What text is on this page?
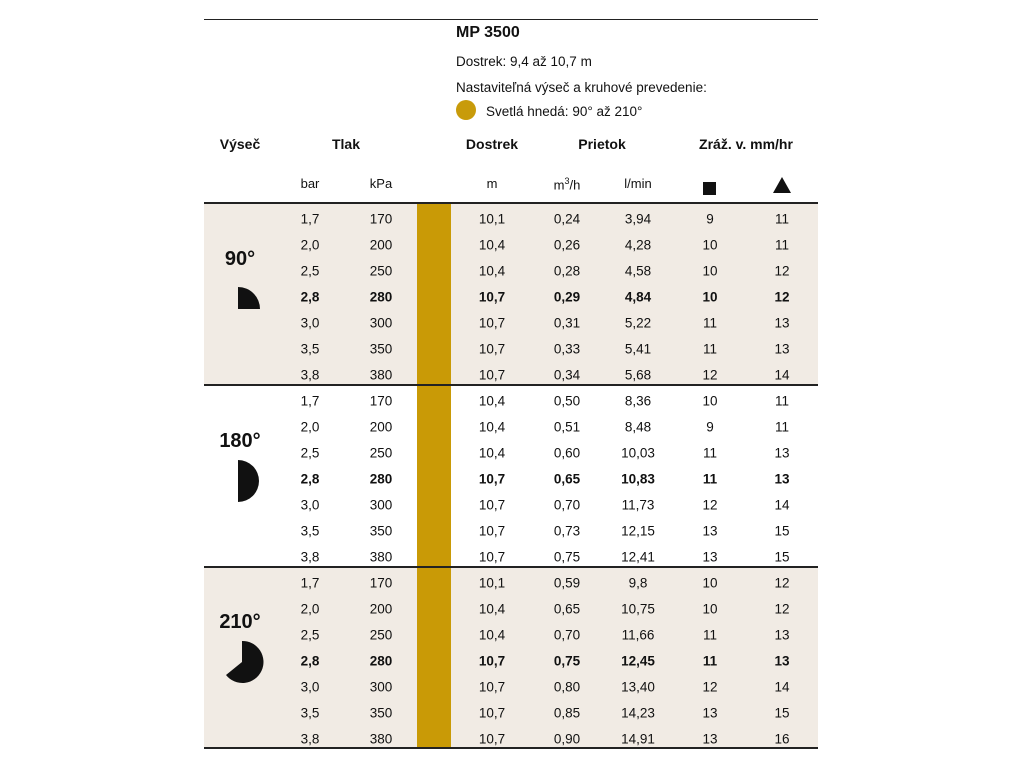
MP 3500
Dostrek: 9,4 až 10,7 m
Nastaviteľná výseč a kruhové prevedenie:
Svetlá hnedá: 90° až 210°
Výseč	Tlak	Dostrek	Prietok	Zráž. v. mm/hr
bar	kPa	m	$m^3/h$	l/min
90°
1,7	170	10,1	0,24	3,94	9	11
2,0	200	10,4	0,26	4,28	10	11
2,5	250	10,4	0,28	4,58	10	12
2,8	280	10,7	0,29	4,84	10	12
3,0	300	10,7	0,31	5,22	11	13
3,5	350	10,7	0,33	5,41	11	13
3,8	380	10,7	0,34	5,68	12	14
180°
1,7	170	10,4	0,50	8,36	10	11
2,0	200	10,4	0,51	8,48	9	11
2,5	250	10,4	0,60	10,03	11	13
2,8	280	10,7	0,65	10,83	11	13
3,0	300	10,7	0,70	11,73	12	14
3,5	350	10,7	0,73	12,15	13	15
3,8	380	10,7	0,75	12,41	13	15
210°
1,7	170	10,1	0,59	9,8	10	12
2,0	200	10,4	0,65	10,75	10	12
2,5	250	10,4	0,70	11,66	11	13
2,8	280	10,7	0,75	12,45	11	13
3,0	300	10,7	0,80	13,40	12	14
3,5	350	10,7	0,85	14,23	13	15
3,8	380	10,7	0,90	14,91	13	16
